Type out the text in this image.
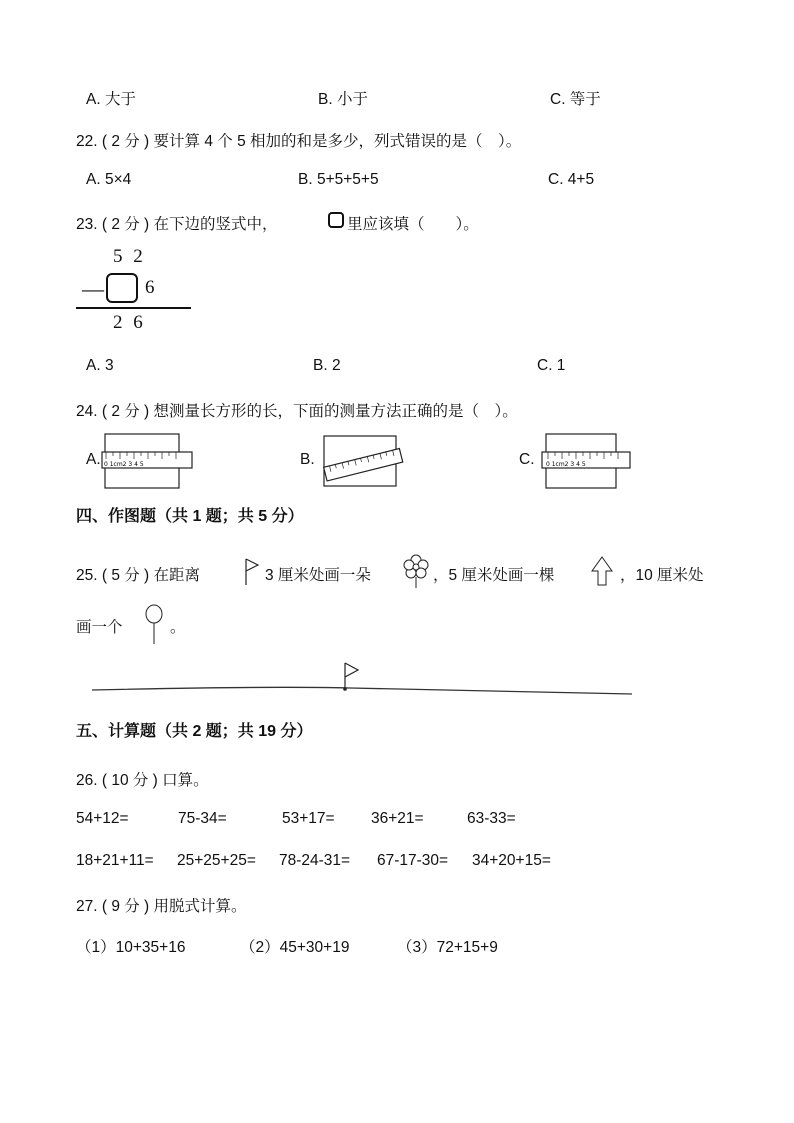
A. 大于	B. 小于	C. 等于
22. ( 2 分 ) 要计算 4 个 5 相加的和是多少，列式错误的是（　）。
A. 5×4	B. 5+5+5+5	C. 4+5
23. ( 2 分 ) 在下边的竖式中，	里应该填（　　）。
5 2
— 6
2 6
A. 3	B. 2	C. 1
24. ( 2 分 ) 想测量长方形的长，下面的测量方法正确的是（　）。
A. 0 1cm2 3 4 5	B.	C. 0 1cm2 3 4 5
四、作图题（共 1 题；共 5 分）
25. ( 5 分 ) 在距离	3 厘米处画一朵	，5 厘米处画一棵	，10 厘米处
画一个	。
五、计算题（共 2 题；共 19 分）
26. ( 10 分 ) 口算。
54+12=	75-34=	53+17= 36+21=	63-33=
18+21+11= 25+25+25= 78-24-31= 67-17-30= 34+20+15=
27. ( 9 分 ) 用脱式计算。
（1）10+35+16	（2）45+30+19	（3）72+15+9
